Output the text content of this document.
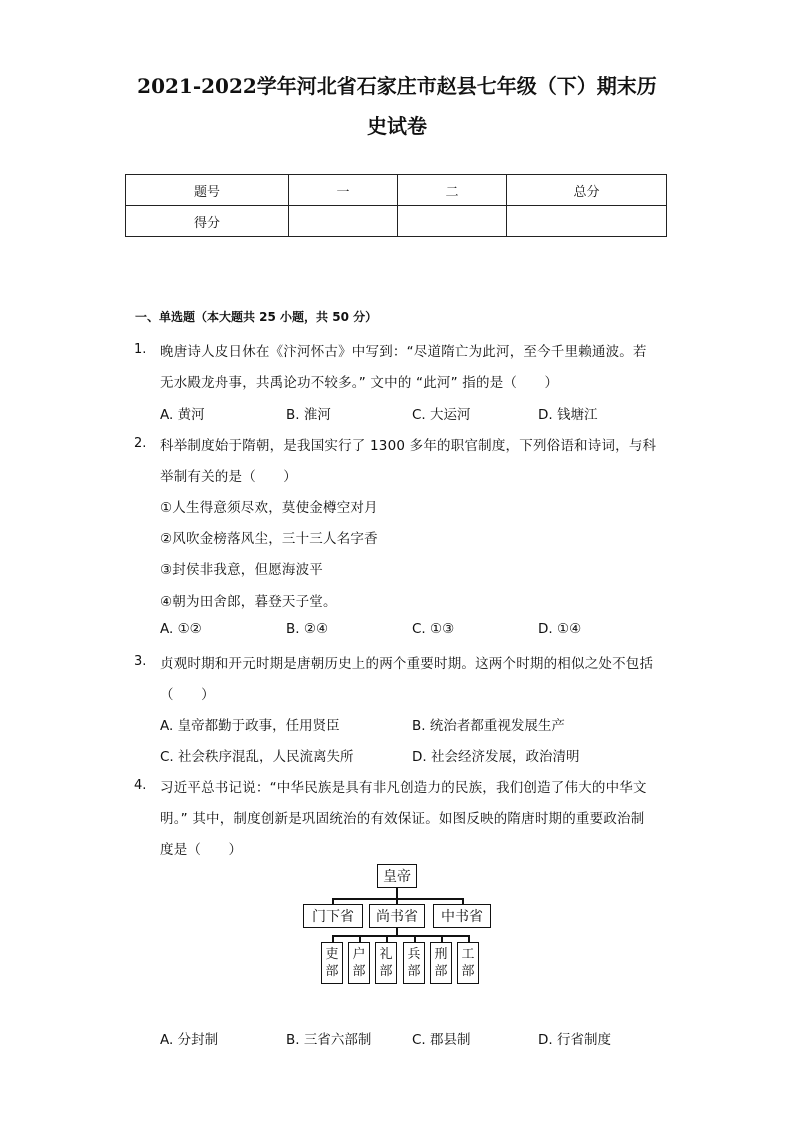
2021-2022学年河北省石家庄市赵县七年级（下）期末历
史试卷
题号	一	二	总分
得分			
一、单选题（本大题共 25 小题，共 50 分）
1. 晚唐诗人皮日休在《汴河怀古》中写到：“尽道隋亡为此河，至今千里赖通波。若
无水殿龙舟事，共禹论功不较多。” 文中的 “此河” 指的是（　　）
A. 黄河	B. 淮河	C. 大运河	D. 钱塘江
2. 科举制度始于隋朝，是我国实行了 1300 多年的职官制度，下列俗语和诗词，与科
举制有关的是（　　）
①人生得意须尽欢，莫使金樽空对月
②风吹金榜落风尘，三十三人名字香
③封侯非我意，但愿海波平
④朝为田舍郎，暮登天子堂。
A. ①②	B. ②④	C. ①③	D. ①④
3. 贞观时期和开元时期是唐朝历史上的两个重要时期。这两个时期的相似之处不包括
（　　）
A. 皇帝都勤于政事，任用贤臣	B. 统治者都重视发展生产
C. 社会秩序混乱，人民流离失所	D. 社会经济发展，政治清明
4. 习近平总书记说：“中华民族是具有非凡创造力的民族，我们创造了伟大的中华文
明。” 其中，制度创新是巩固统治的有效保证。如图反映的隋唐时期的重要政治制
度是（　　）
皇帝
门下省	尚书省	中书省
吏
部
户
部
礼
部
兵
部
刑
部
工
部
A. 分封制	B. 三省六部制	C. 郡县制	D. 行省制度
